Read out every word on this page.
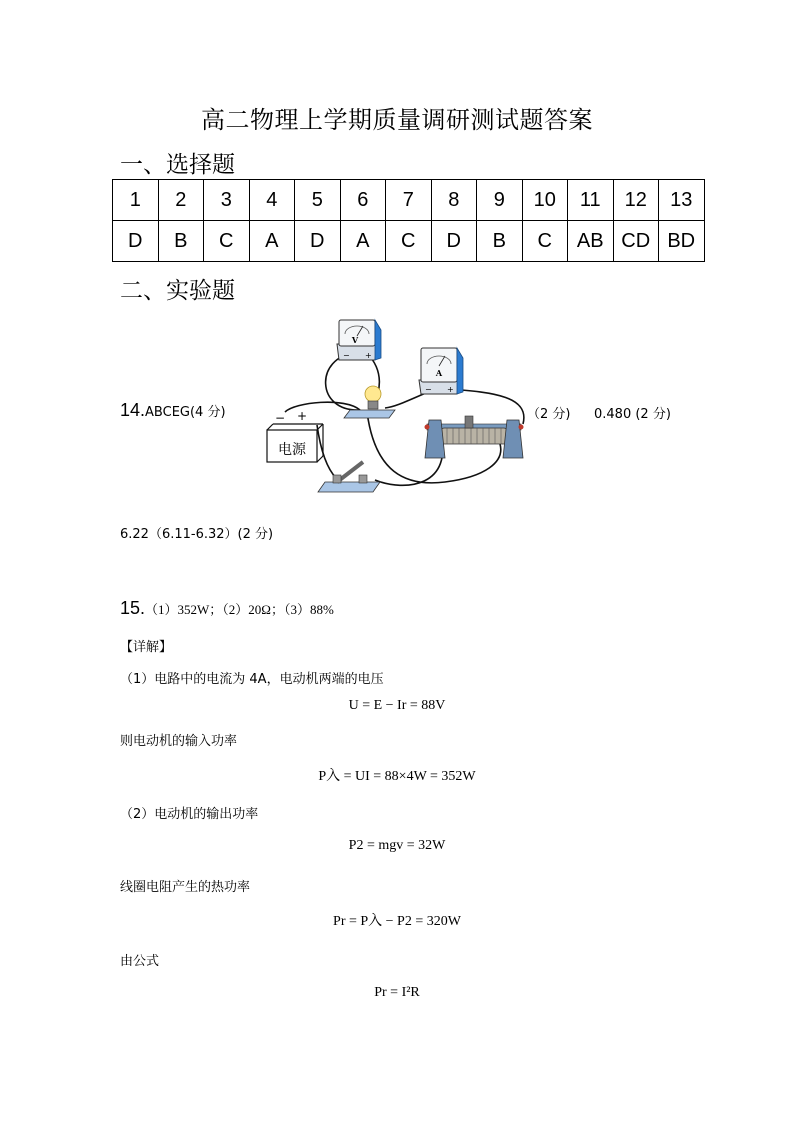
高二物理上学期质量调研测试题答案
一、选择题
1	2	3	4	5	6	7	8	9	10	11	12	13
D	B	C	A	D	A	C	D	B	C	AB	CD	BD
二、实验题
V
− +
A
− +
电源
− +
14.ABCEG(4 分)	（2 分) 0.480 (2 分)
6.22（6.11-6.32）(2 分)
15.（1）352W；（2）20Ω；（3）88%
【详解】
（1）电路中的电流为 4A，电动机两端的电压
U = E − Ir = 88V
则电动机的输入功率
P入 = UI = 88×4W = 352W
（2）电动机的输出功率
P2 = mgv = 32W
线圈电阻产生的热功率
Pr = P入 − P2 = 320W
由公式
Pr = I²R
